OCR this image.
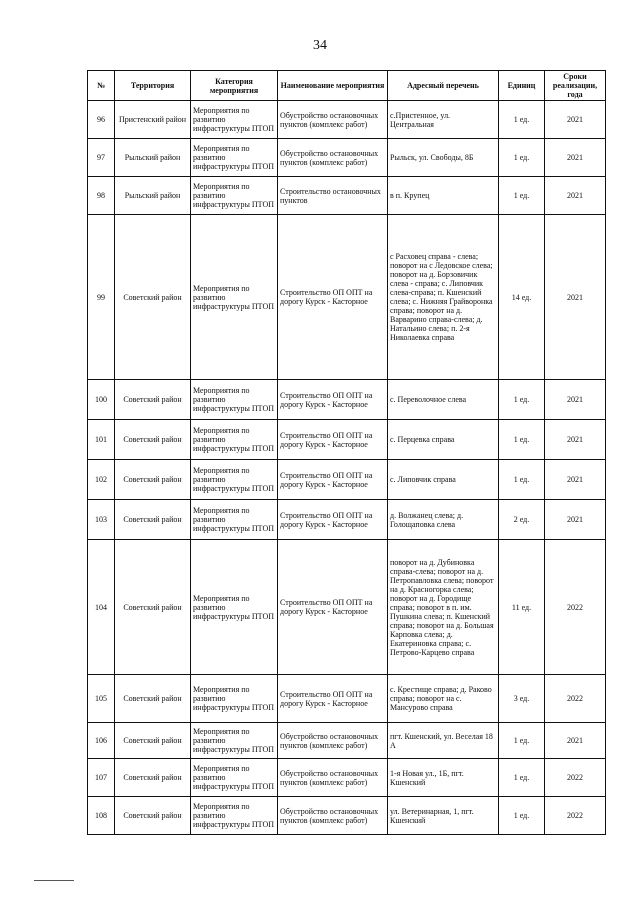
34
№	Территория	Категория мероприятия	Наименование мероприятия	Адресный перечень	Единиц	Сроки реализации, года
96	Пристенский район	Мероприятия по развитию инфраструктуры ПТОП	Обустройство остановочных пунктов (комплекс работ)	с.Пристенное, ул. Центральная	1 ед.	2021
97	Рыльский район	Мероприятия по развитию инфраструктуры ПТОП	Обустройство остановочных пунктов (комплекс работ)	Рыльск, ул. Свободы, 8Б	1 ед.	2021
98	Рыльский район	Мероприятия по развитию инфраструктуры ПТОП	Строительство остановочных пунктов	в п. Крупец	1 ед.	2021
99	Советский район	Мероприятия по развитию инфраструктуры ПТОП	Строительство ОП ОПТ на дорогу Курск - Касторное	с Расховец справа - слева; поворот на с Ледовское слева; поворот на д. Борзовичик слева - справа; с. Липовчик слева-справа; п. Кшенский слева; с. Нижняя Грайворонка справа; поворот на д. Варварино справа-слева; д. Натальино слева; п. 2-я Николаевка справа	14 ед.	2021
100	Советский район	Мероприятия по развитию инфраструктуры ПТОП	Строительство ОП ОПТ на дорогу Курск - Касторное	с. Переволочное слева	1 ед.	2021
101	Советский район	Мероприятия по развитию инфраструктуры ПТОП	Строительство ОП ОПТ на дорогу Курск - Касторное	с. Перцевка справа	1 ед.	2021
102	Советский район	Мероприятия по развитию инфраструктуры ПТОП	Строительство ОП ОПТ на дорогу Курск - Касторное	с. Липовчик справа	1 ед.	2021
103	Советский район	Мероприятия по развитию инфраструктуры ПТОП	Строительство ОП ОПТ на дорогу Курск - Касторное	д. Волжанец слева; д. Голощаповка слева	2 ед.	2021
104	Советский район	Мероприятия по развитию инфраструктуры ПТОП	Строительство ОП ОПТ на дорогу Курск - Касторное	поворот на д. Дубиновка справа-слева; поворот на д. Петропавловка слева; поворот на д. Красногорка слева; поворот на д. Городище справа; поворот в п. им. Пушкина слева; п. Кшенский справа; поворот на д. Большая Карповка слева; д. Екатериновка справа; с. Петрово-Карцево справа	11 ед.	2022
105	Советский район	Мероприятия по развитию инфраструктуры ПТОП	Строительство ОП ОПТ на дорогу Курск - Касторное	с. Крестище справа; д. Раково справа; поворот на с. Мансурово справа	3 ед.	2022
106	Советский район	Мероприятия по развитию инфраструктуры ПТОП	Обустройство остановочных пунктов (комплекс работ)	пгт. Кшенский, ул. Веселая 18 А	1 ед.	2021
107	Советский район	Мероприятия по развитию инфраструктуры ПТОП	Обустройство остановочных пунктов (комплекс работ)	1-я Новая ул., 1Б, пгт. Кшенский	1 ед.	2022
108	Советский район	Мероприятия по развитию инфраструктуры ПТОП	Обустройство остановочных пунктов (комплекс работ)	ул. Ветеринарная, 1, пгт. Кшенский	1 ед.	2022
